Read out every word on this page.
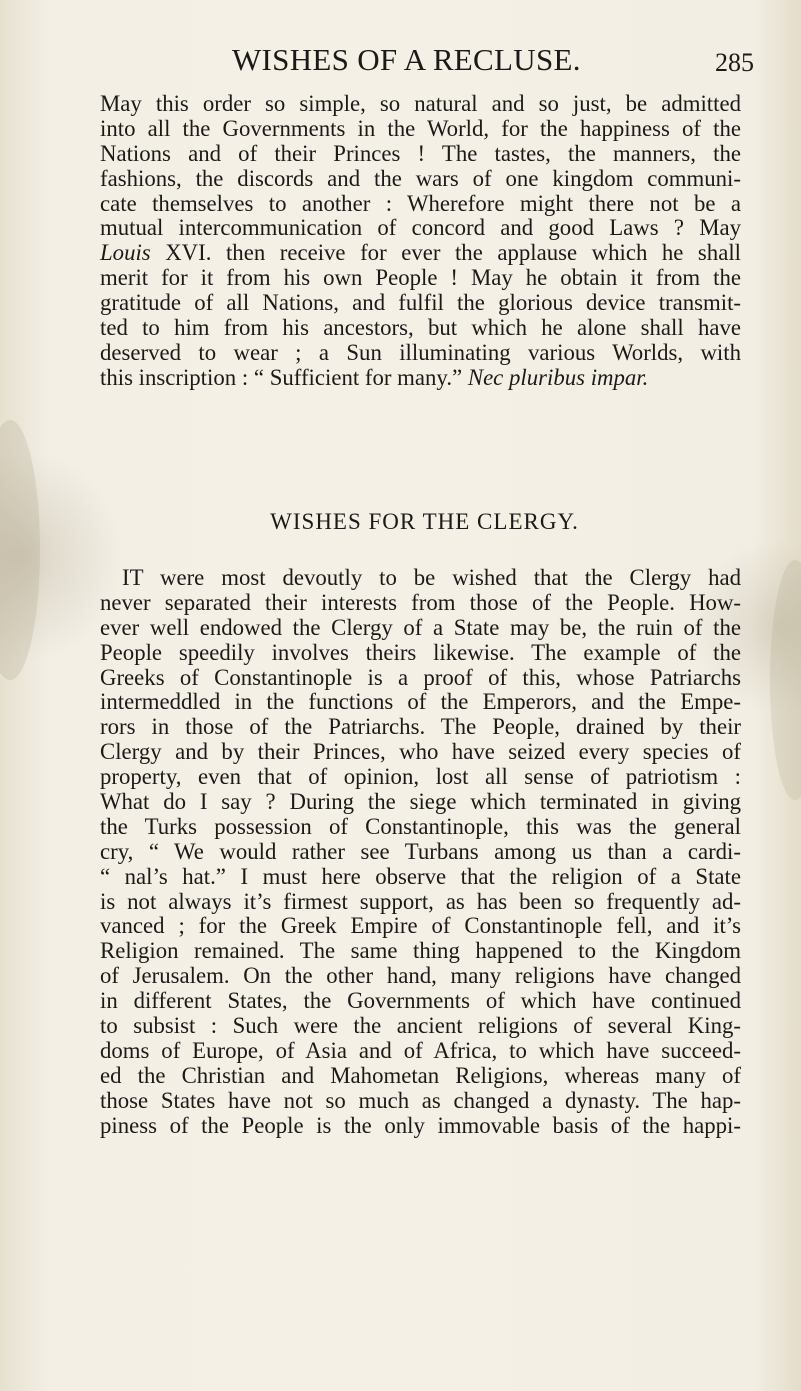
WISHES OF A RECLUSE.	285
May this order so simple, so natural and so just, be admitted
into all the Governments in the World, for the happiness of the
Nations and of their Princes ! The tastes, the manners, the
fashions, the discords and the wars of one kingdom communi-
cate themselves to another : Wherefore might there not be a
mutual intercommunication of concord and good Laws ? May
Louis XVI. then receive for ever the applause which he shall
merit for it from his own People ! May he obtain it from the
gratitude of all Nations, and fulfil the glorious device transmit-
ted to him from his ancestors, but which he alone shall have
deserved to wear ; a Sun illuminating various Worlds, with
this inscription : “ Sufficient for many.” Nec pluribus impar.
WISHES FOR THE CLERGY.
IT were most devoutly to be wished that the Clergy had
never separated their interests from those of the People. How-
ever well endowed the Clergy of a State may be, the ruin of the
People speedily involves theirs likewise. The example of the
Greeks of Constantinople is a proof of this, whose Patriarchs
intermeddled in the functions of the Emperors, and the Empe-
rors in those of the Patriarchs. The People, drained by their
Clergy and by their Princes, who have seized every species of
property, even that of opinion, lost all sense of patriotism :
What do I say ? During the siege which terminated in giving
the Turks possession of Constantinople, this was the general
cry, “ We would rather see Turbans among us than a cardi-
“ nal’s hat.” I must here observe that the religion of a State
is not always it’s firmest support, as has been so frequently ad-
vanced ; for the Greek Empire of Constantinople fell, and it’s
Religion remained. The same thing happened to the Kingdom
of Jerusalem. On the other hand, many religions have changed
in different States, the Governments of which have continued
to subsist : Such were the ancient religions of several King-
doms of Europe, of Asia and of Africa, to which have succeed-
ed the Christian and Mahometan Religions, whereas many of
those States have not so much as changed a dynasty. The hap-
piness of the People is the only immovable basis of the happi-
